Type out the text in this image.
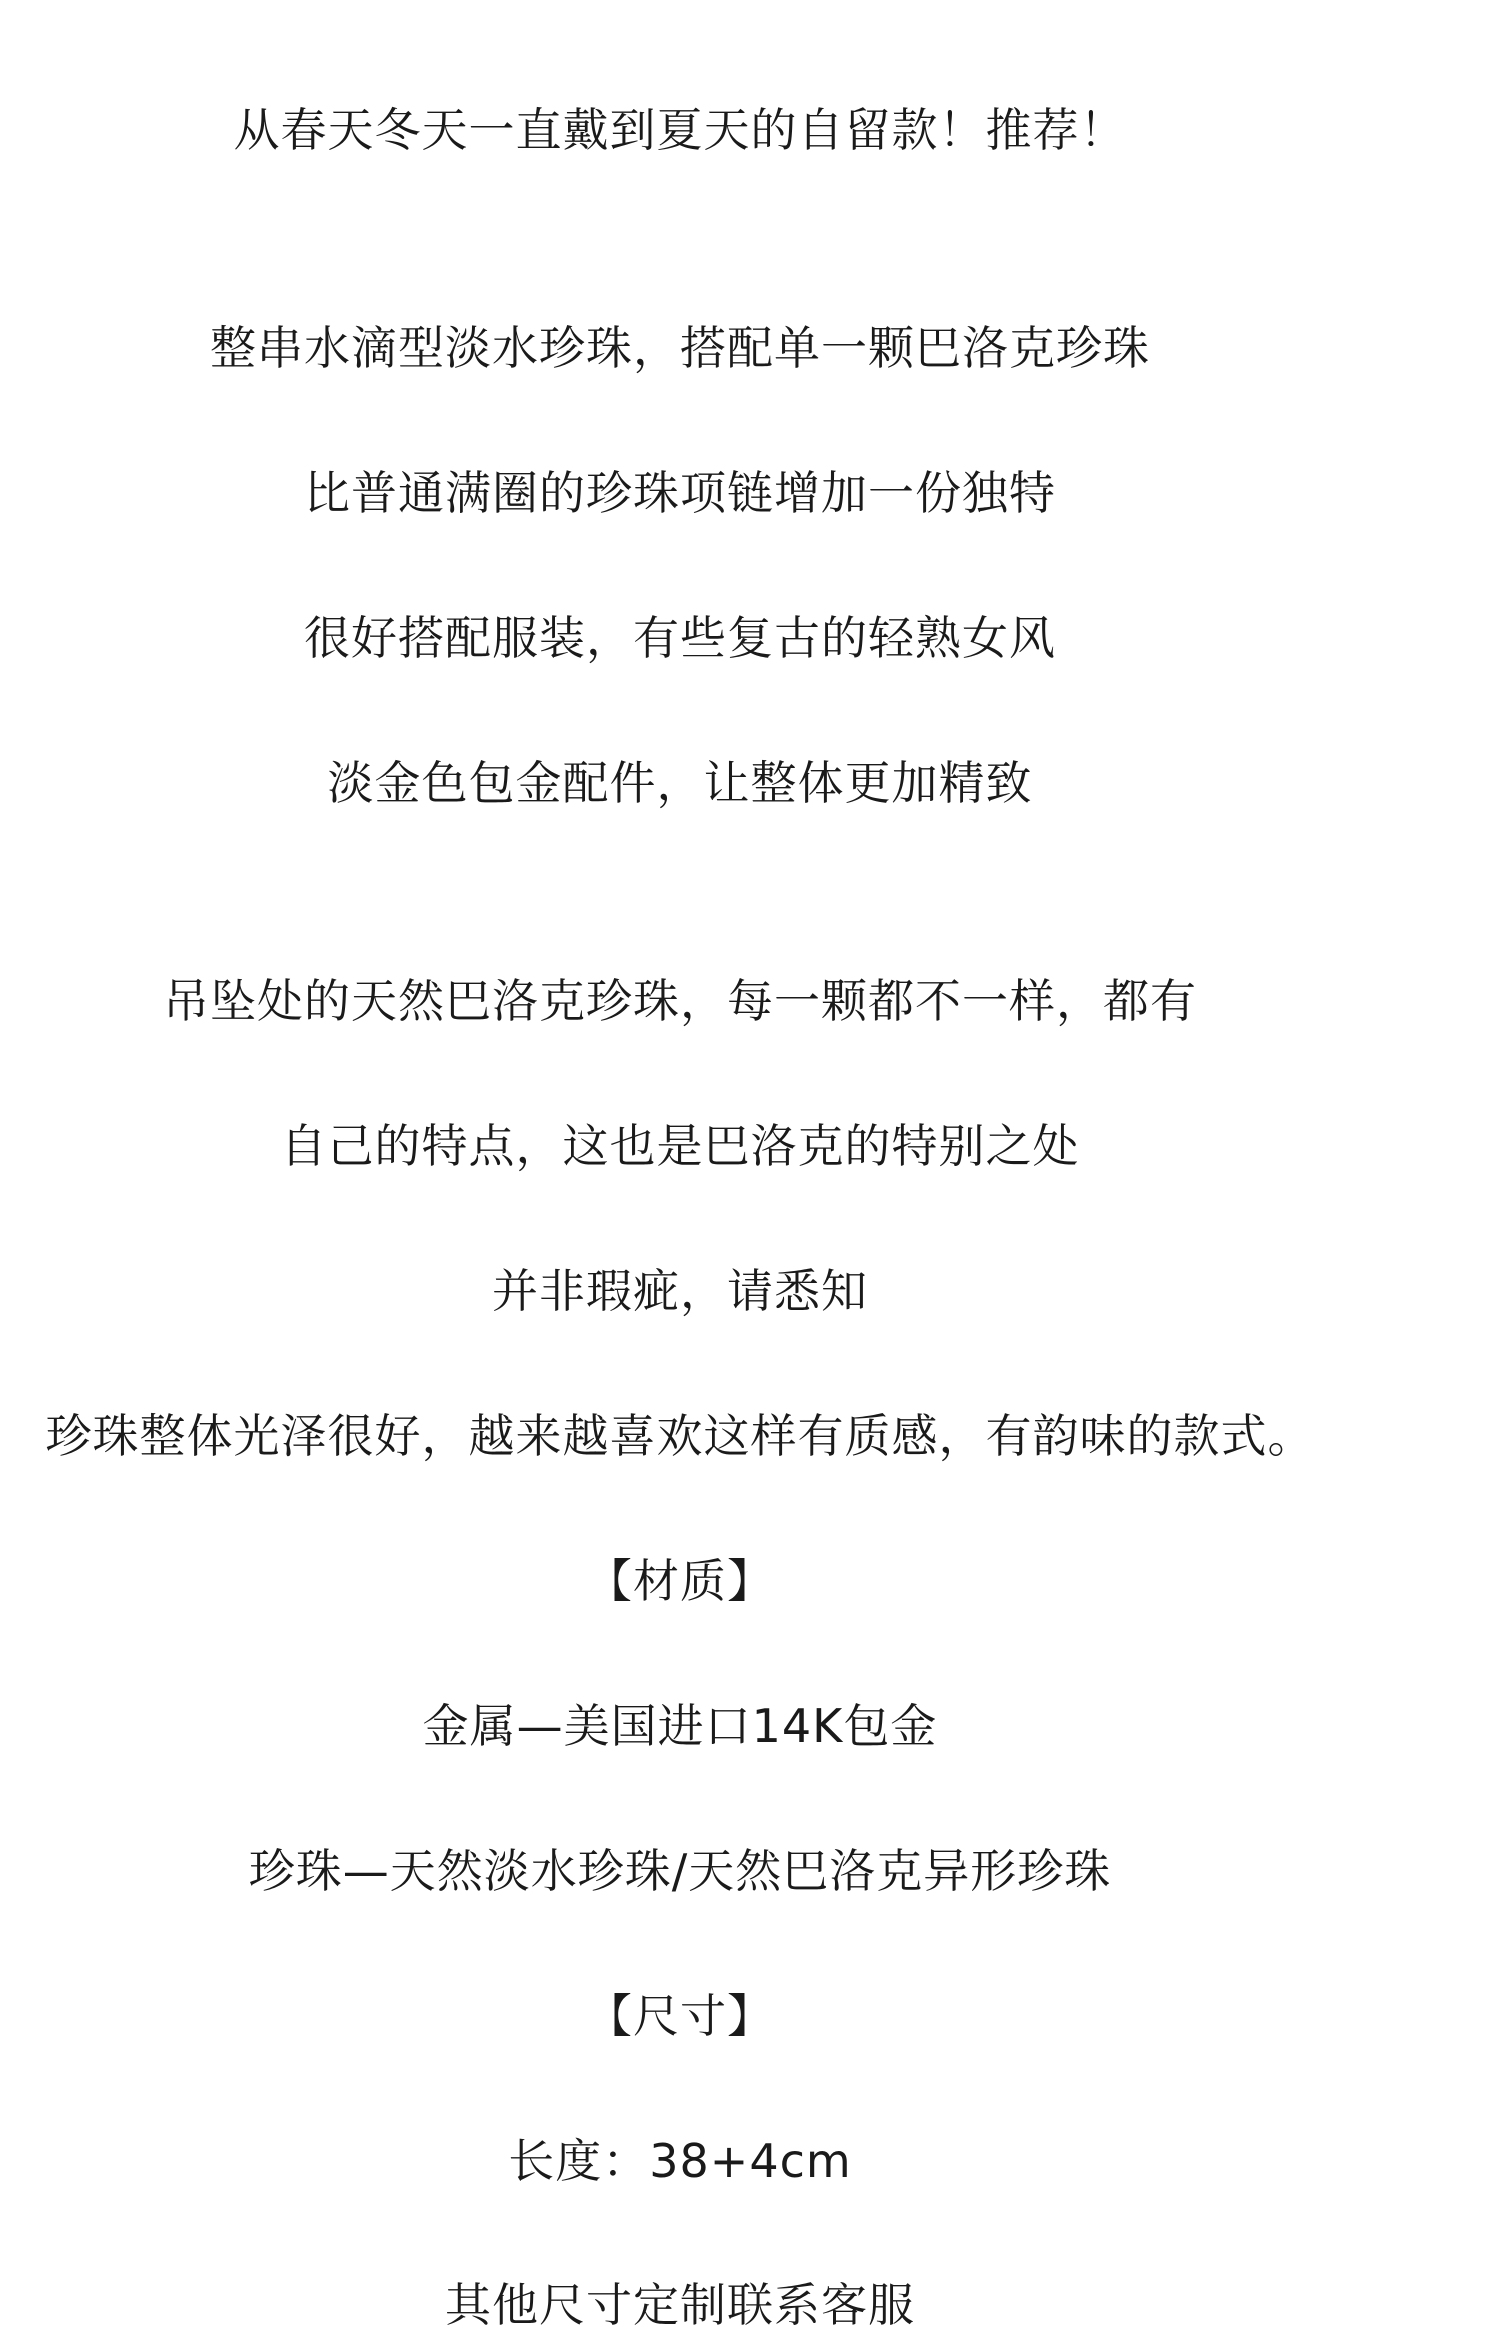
从春天冬天一直戴到夏天的自留款！推荐！
整串水滴型淡水珍珠，搭配单一颗巴洛克珍珠
比普通满圈的珍珠项链增加一份独特
很好搭配服装，有些复古的轻熟女风
淡金色包金配件，让整体更加精致
吊坠处的天然巴洛克珍珠，每一颗都不一样，都有
自己的特点，这也是巴洛克的特别之处
并非瑕疵，请悉知
珍珠整体光泽很好，越来越喜欢这样有质感，有韵味的款式。
【材质】
金属—美国进口14K包金
珍珠—天然淡水珍珠/天然巴洛克异形珍珠
【尺寸】
长度：38+4cm
其他尺寸定制联系客服
